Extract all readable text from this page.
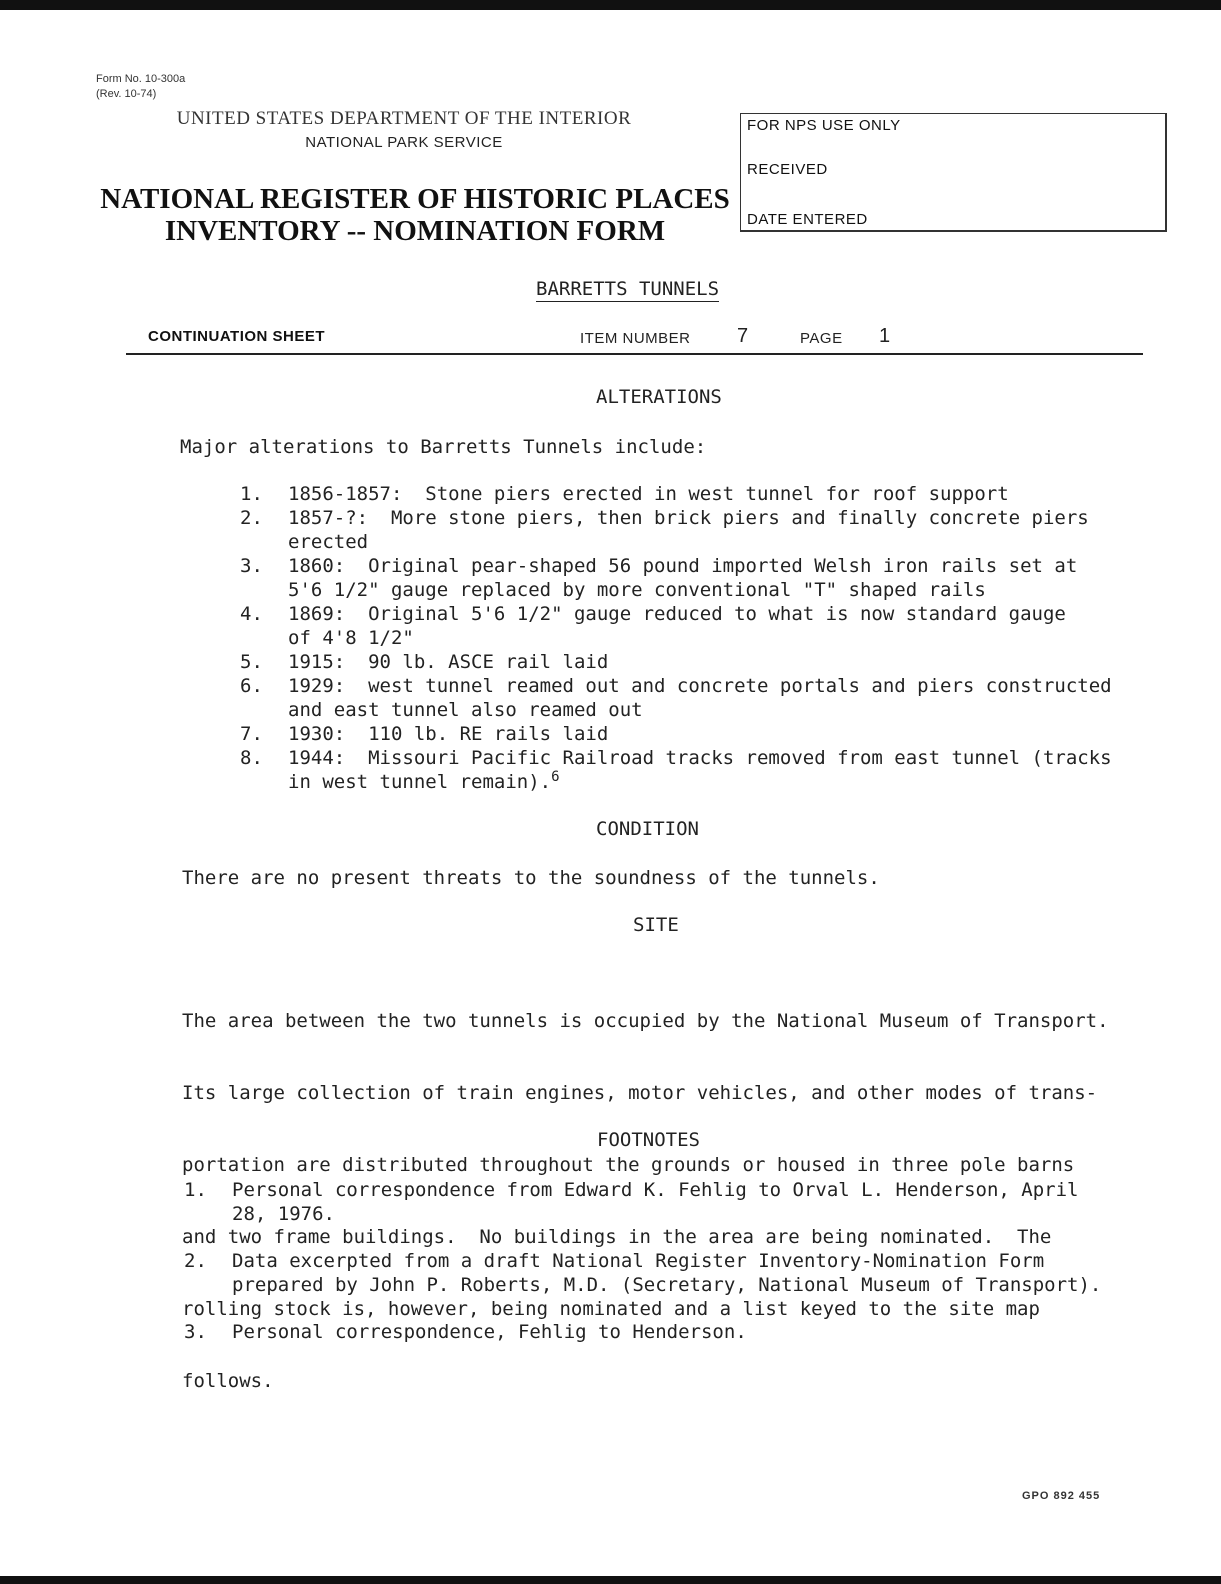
Form No. 10-300a
(Rev. 10-74)
UNITED STATES DEPARTMENT OF THE INTERIOR
NATIONAL PARK SERVICE
NATIONAL REGISTER OF HISTORIC PLACES
INVENTORY -- NOMINATION FORM
FOR NPS USE ONLY
RECEIVED
DATE ENTERED
BARRETTS TUNNELS
CONTINUATION SHEET	ITEM NUMBER 7	PAGE 1
ALTERATIONS
Major alterations to Barretts Tunnels include:
1.	1856-1857:  Stone piers erected in west tunnel for roof support
2.	1857-?:  More stone piers, then brick piers and finally concrete piers
erected
3.	1860:  Original pear-shaped 56 pound imported Welsh iron rails set at
5'6 1/2" gauge replaced by more conventional "T" shaped rails
4.	1869:  Original 5'6 1/2" gauge reduced to what is now standard gauge
of 4'8 1/2"
5.	1915:  90 lb. ASCE rail laid
6.	1929:  west tunnel reamed out and concrete portals and piers constructed
and east tunnel also reamed out
7.	1930:  110 lb. RE rails laid
8.	1944:  Missouri Pacific Railroad tracks removed from east tunnel (tracks
in west tunnel remain).$^6$
CONDITION
There are no present threats to the soundness of the tunnels.
SITE

The area between the two tunnels is occupied by the National Museum of Transport.

Its large collection of train engines, motor vehicles, and other modes of trans-

portation are distributed throughout the grounds or housed in three pole barns

and two frame buildings.  No buildings in the area are being nominated.  The

rolling stock is, however, being nominated and a list keyed to the site map

follows.

FOOTNOTES
1. Personal correspondence from Edward K. Fehlig to Orval L. Henderson, April
28, 1976.
2. Data excerpted from a draft National Register Inventory-Nomination Form
prepared by John P. Roberts, M.D. (Secretary, National Museum of Transport).
3. Personal correspondence, Fehlig to Henderson.
GPO 892 455
